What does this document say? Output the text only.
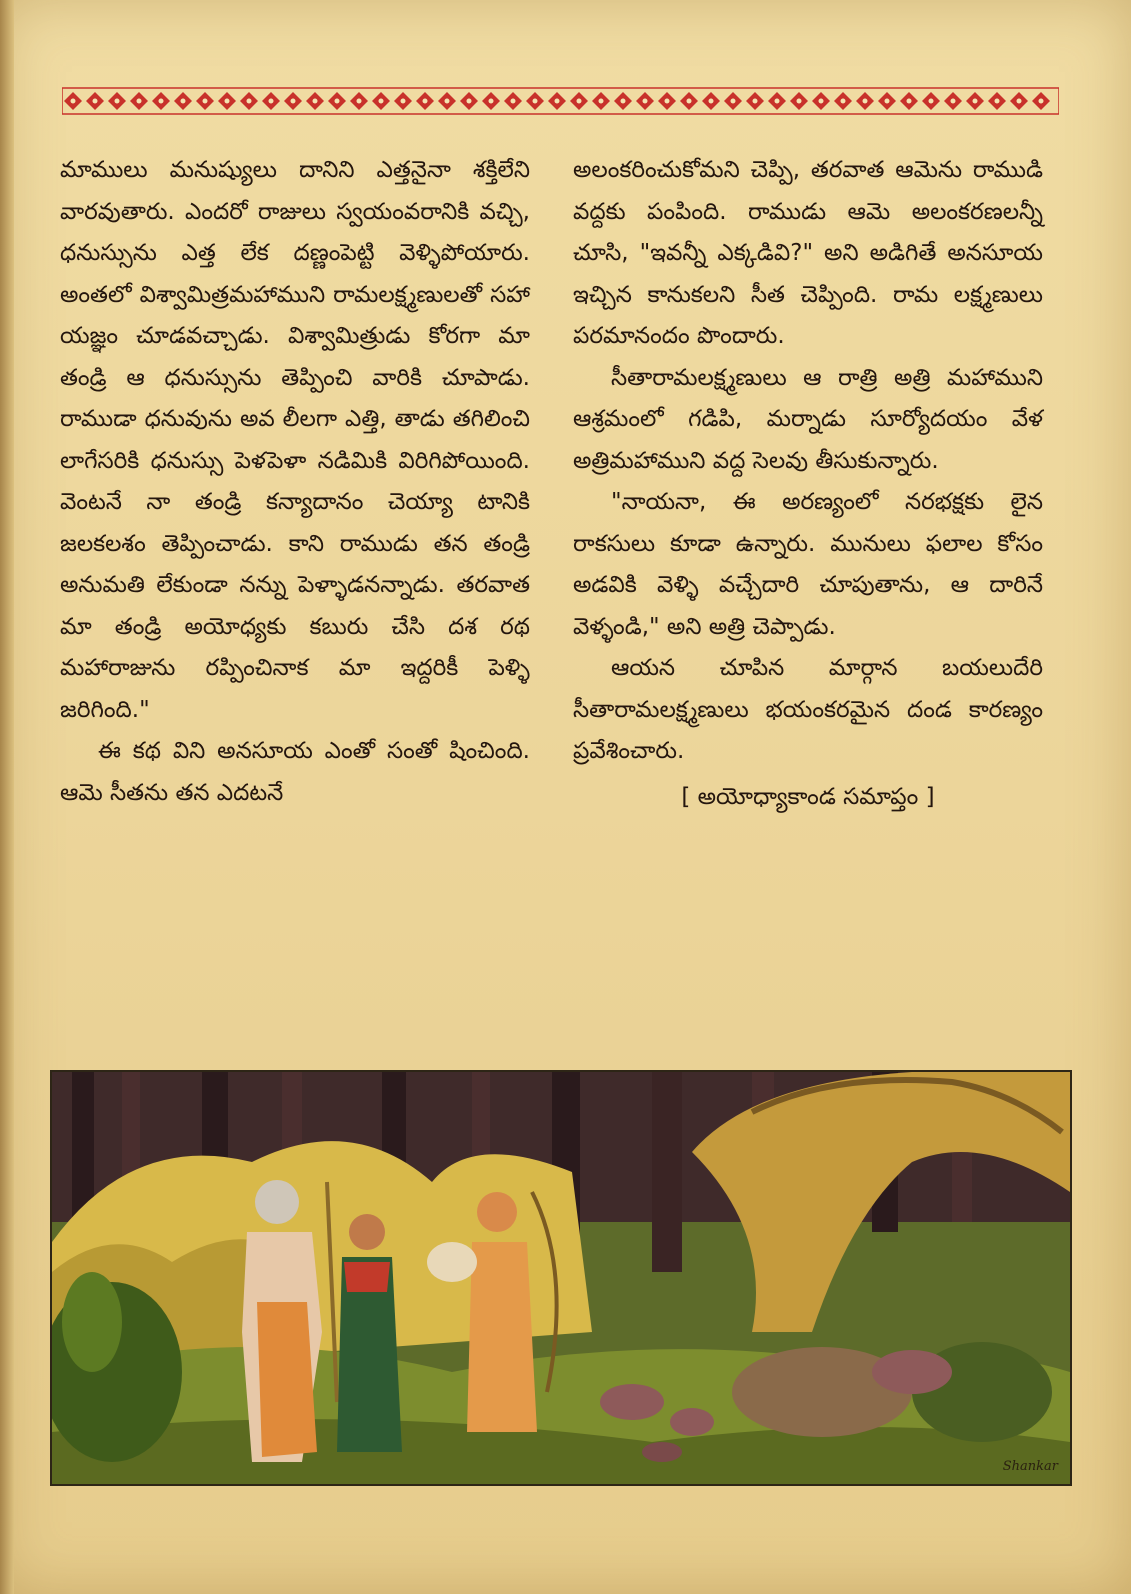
మాములు మనుష్యులు దానిని ఎత్తనైనా శక్తిలేని వారవుతారు. ఎందరో రాజులు స్వయంవరానికి వచ్చి, ధనుస్సును ఎత్త లేక దణ్ణంపెట్టి వెళ్ళిపోయారు. అంతలో విశ్వామిత్రమహాముని రామలక్ష్మణులతో సహా యజ్ఞం చూడవచ్చాడు. విశ్వామిత్రుడు కోరగా మా తండ్రి ఆ ధనుస్సును తెప్పించి వారికి చూపాడు. రాముడా ధనువును అవ లీలగా ఎత్తి, తాడు తగిలించి లాగేసరికి ధనుస్సు పెళపెళా నడిమికి విరిగిపోయింది. వెంటనే నా తండ్రి కన్యాదానం చెయ్యా టానికి జలకలశం తెప్పించాడు. కాని రాముడు తన తండ్రి అనుమతి లేకుండా నన్ను పెళ్ళాడనన్నాడు. తరవాత మా తండ్రి అయోధ్యకు కబురు చేసి దశ రథ మహారాజును రప్పించినాక మా ఇద్దరికీ పెళ్ళి జరిగింది."

ఈ కథ విని అనసూయ ఎంతో సంతో షించింది. ఆమె సీతను తన ఎదటనే

అలంకరించుకోమని చెప్పి, తరవాత ఆమెను రాముడి వద్దకు పంపింది. రాముడు ఆమె అలంకరణలన్నీ చూసి, "ఇవన్నీ ఎక్కడివి?" అని అడిగితే అనసూయ ఇచ్చిన కానుకలని సీత చెప్పింది. రామ లక్ష్మణులు పరమానందం పొందారు.

సీతారామలక్ష్మణులు ఆ రాత్రి అత్రి మహాముని ఆశ్రమంలో గడిపి, మర్నాడు సూర్యోదయం వేళ అత్రిమహాముని వద్ద సెలవు తీసుకున్నారు.

"నాయనా, ఈ అరణ్యంలో నరభక్షకు లైన రాకసులు కూడా ఉన్నారు. మునులు ఫలాల కోసం అడవికి వెళ్ళి వచ్చేదారి చూపుతాను, ఆ దారినే వెళ్ళండి," అని అత్రి చెప్పాడు.

ఆయన చూపిన మార్గాన బయలుదేరి సీతారామలక్ష్మణులు భయంకరమైన దండ కారణ్యం ప్రవేశించారు.

[ అయోధ్యాకాండ సమాప్తం ]

Shankar
